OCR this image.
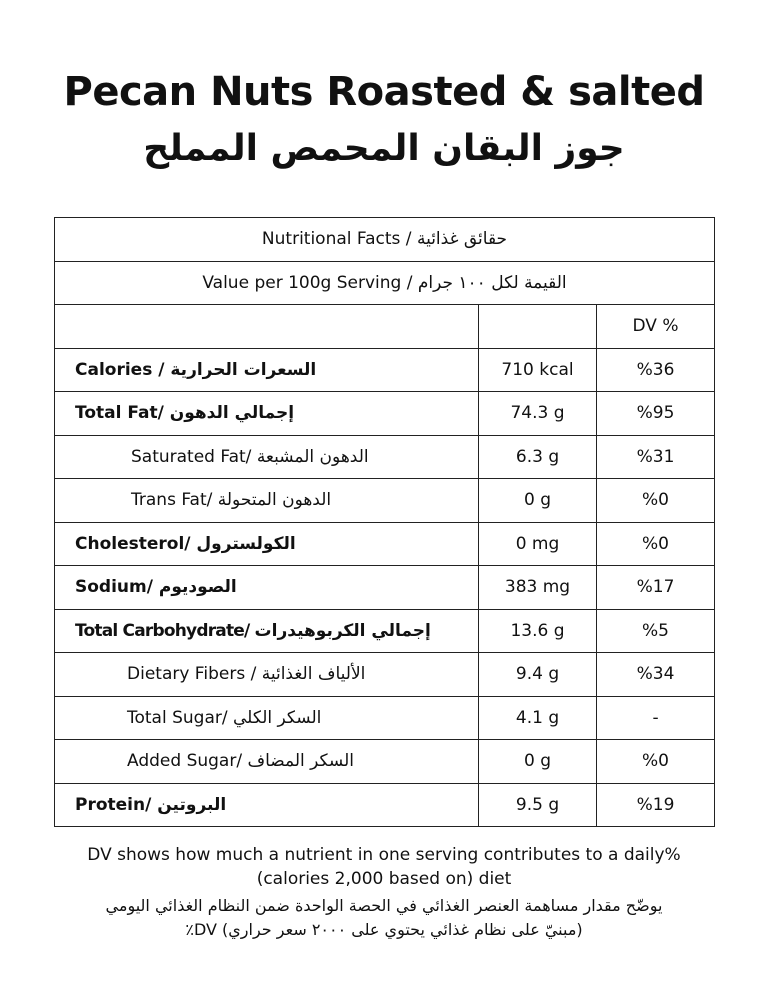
Pecan Nuts Roasted & salted
جوز البقان المحمص المملح
Nutritional Facts / حقائق غذائية		
Value per 100g Serving / القيمة لكل ١٠٠ جرام		
		DV %
Calories / السعرات الحرارية	710 kcal	%36
Total Fat/ إجمالي الدهون	74.3 g	%95
Saturated Fat/ الدهون المشبعة	6.3 g	%31
Trans Fat/ الدهون المتحولة	0 g	%0
Cholesterol/ الكولسترول	0 mg	%0
Sodium/ الصوديوم	383 mg	%17
Total Carbohydrate/ إجمالي الكربوهيدرات	13.6 g	%5
Dietary Fibers / الألياف الغذائية	9.4 g	%34
Total Sugar/ السكر الكلي	4.1 g	-
Added Sugar/ السكر المضاف	0 g	%0
Protein/ البروتين	9.5 g	%19
DV shows how much a nutrient in one serving contributes to a daily%
(calories 2,000 based on) diet
يوضّح مقدار مساهمة العنصر الغذائي في الحصة الواحدة ضمن النظام الغذائي اليومي
(مبنيّ على نظام غذائي يحتوي على ٢٠٠٠ سعر حراري) DV٪
